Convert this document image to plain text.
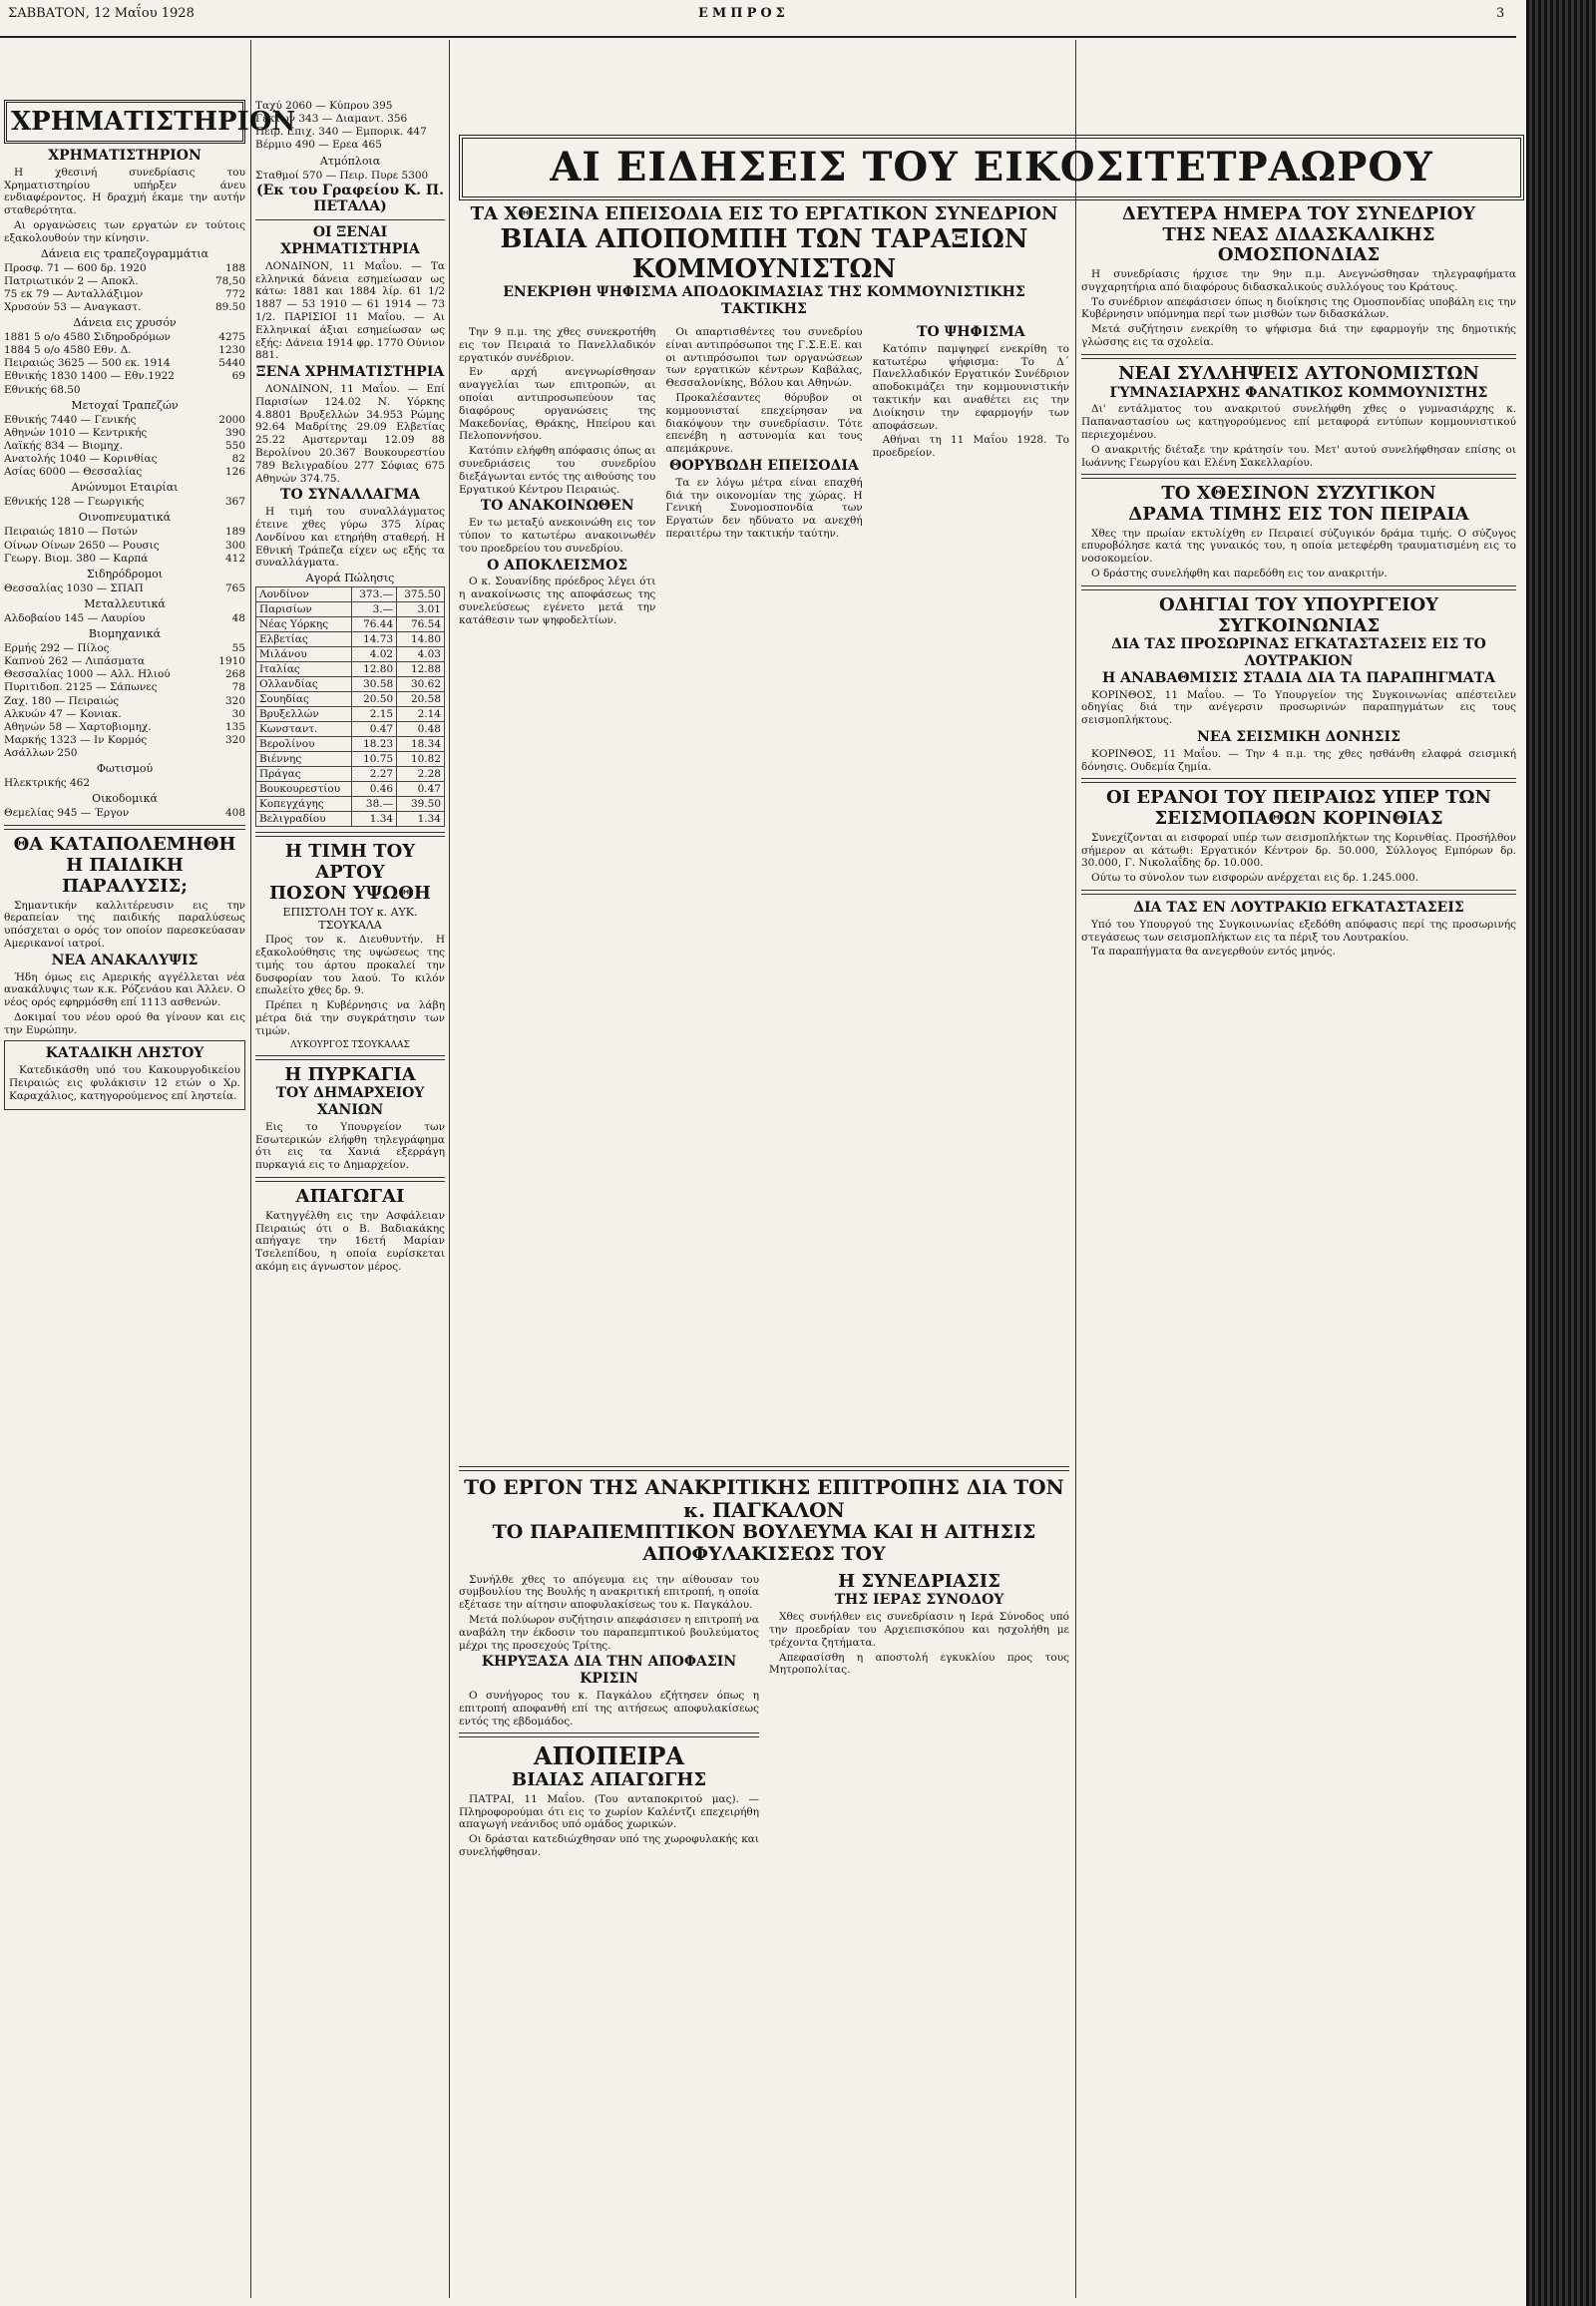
ΣΑΒΒΑΤΟΝ, 12 Μαΐου 1928	ΕΜΠΡΟΣ	3
ΧΡΗΜΑΤΙΣΤΗΡΙΟΝ
ΧΡΗΜΑΤΙΣΤΗΡΙΟΝ

Η χθεσινή συνεδρίασις του Χρηματιστηρίου υπήρξεν άνευ ενδιαφέροντος. Η δραχμή έκαμε την αυτήν σταθερότητα.

Αι οργανώσεις των εργατών εν τούτοις εξακολουθούν την κίνησιν.

Δάνεια εις τραπεζογραμμάτια
Προσφ. 71 — 600 δρ. 1920	188
Πατριωτικόν 2 — Αποκλ.	78,50
75 εκ 79 — Ανταλλάξιμον	772
Χρυσούν 53 — Αναγκαστ.	89.50
Δάνεια εις χρυσόν
1881 5 ο/ο 4580 Σιδηροδρόμων	4275
1884 5 ο/ο 4580 Εθν. Δ.	1230
Πειραιώς 3625 — 500 εκ. 1914	5440
Εθνικής 1830 1400 — Εθν.1922	69
Εθνικής 68.50
Μετοχαί Τραπεζών
Εθνικής 7440 — Γενικής	2000
Αθηνών 1010 — Κεντρικής	390
Λαϊκής 834 — Βιομηχ.	550
Ανατολής 1040 — Κορινθίας	82
Ασίας 6000 — Θεσσαλίας	126
Ανώνυμοι Εταιρίαι
Εθνικής 128 — Γεωργικής	367
Οινοπνευματικά
Πειραιώς 1810 — Ποτών	189
Οίνων Οίνων 2650 — Ρουσις	300
Γεωργ. Βιομ. 380 — Καρπά	412
Σιδηρόδρομοι
Θεσσαλίας 1030 — ΣΠΑΠ	765
Μεταλλευτικά
Αλδοβαίου 145 — Λαυρίου	48
Βιομηχανικά
Ερμής 292 — Πίλος	55
Καπνού 262 — Λιπάσματα	1910
Θεσσαλίας 1000 — Αλλ. Ηλιού	268
Πυριτιδοπ. 2125 — Σάπωνες	78
Ζαχ. 180 — Πειραιώς	320
Αλκυών 47 — Κονιακ.	30
Αθηνών 58 — Χαρτοβιομηχ.	135
Μαρκής 1323 — Ιν Κορμός	320
Ασάλλων 250
Φωτισμού
Ηλεκτρικής 462
Οικοδομικά
Θεμελίας 945 — Έργον	408
ΘΑ ΚΑΤΑΠΟΛΕΜΗΘΗ
Η ΠΑΙΔΙΚΗ ΠΑΡΑΛΥΣΙΣ;

Σημαντικήν καλλιτέρευσιν εις την θεραπείαν της παιδικής παραλύσεως υπόσχεται ο ορός τον οποίον παρεσκεύασαν Αμερικανοί ιατροί.

ΝΕΑ ΑΝΑΚΑΛΥΨΙΣ

Ήδη όμως εις Αμερικής αγγέλλεται νέα ανακάλυψις των κ.κ. Ρόζενάου και Άλλεν. Ο νέος ορός εφηρμόσθη επί 1113 ασθενών.

Δοκιμαί του νέου ορού θα γίνουν και εις την Ευρώπην.

ΚΑΤΑΔΙΚΗ ΛΗΣΤΟΥ

Κατεδικάσθη υπό του Κακουργοδικείου Πειραιώς εις φυλάκισιν 12 ετών ο Χρ. Καραχάλιος, κατηγορούμενος επί ληστεία.

Ταχύ 2060 — Κύπρου 395
Γέκτων 343 — Διαμαντ. 356
Πειρ. Επιχ. 340 — Εμπορικ. 447
Βέρμιο 490 — Ερεα 465
Ατμόπλοια
Σταθμοί 570 — Πειρ. Πυρε 5300
(Εκ του Γραφείου Κ. Π. ΠΕΤΑΛΑ)
ΟΙ ΞΕΝΑΙ ΧΡΗΜΑΤΙΣΤΗΡΙΑ

ΛΟΝΔΙΝΟΝ, 11 Μαΐου. — Τα ελληνικά δάνεια εσημείωσαν ως κάτω: 1881 και 1884 λίρ. 61 1/2 1887 — 53 1910 — 61 1914 — 73 1/2. ΠΑΡΙΣΙΟΙ 11 Μαΐου. — Αι Ελληνικαί άξιαι εσημείωσαν ως εξής: Δάνεια 1914 φρ. 1770 Ούνιον 881.

ΞΕΝΑ ΧΡΗΜΑΤΙΣΤΗΡΙΑ

ΛΟΝΔΙΝΟΝ, 11 Μαΐου. — Επί Παρισίων 124.02 Ν. Υόρκης 4.8801 Βρυξελλών 34.953 Ρώμης 92.64 Μαδρίτης 29.09 Ελβετίας 25.22 Αμστερνταμ 12.09 88 Βερολίνου 20.367 Βουκουρεστίου 789 Βελιγραδίου 277 Σόφιας 675 Αθηνών 374.75.

ΤΟ ΣΥΝΑΛΛΑΓΜΑ

Η τιμή του συναλλάγματος έτεινε χθες γύρω 375 λίρας Λονδίνου και ετηρήθη σταθερή. Η Εθνική Τράπεζα είχεν ως εξής τα συναλλάγματα.

Αγορά Πώλησις
Λονδίνον	373.—	375.50
Παρισίων	3.—	3.01
Νέας Υόρκης	76.44	76.54
Ελβετίας	14.73	14.80
Μιλάνου	4.02	4.03
Ιταλίας	12.80	12.88
Ολλανδίας	30.58	30.62
Σουηδίας	20.50	20.58
Βρυξελλών	2.15	2.14
Κωνσταντ.	0.47	0.48
Βερολίνου	18.23	18.34
Βιέννης	10.75	10.82
Πράγας	2.27	2.28
Βουκουρεστίου	0.46	0.47
Κοπεγχάγης	38.—	39.50
Βελιγραδίου	1.34	1.34
Η ΤΙΜΗ ΤΟΥ ΑΡΤΟΥ
ΠΟΣΟΝ ΥΨΩΘΗ
ΕΠΙΣΤΟΛΗ ΤΟΥ κ. ΑΥΚ. ΤΣΟΥΚΑΛΑ

Προς τον κ. Διευθυντήν. Η εξακολούθησις της υψώσεως της τιμής του άρτου προκαλεί την δυσφορίαν του λαού. Το κιλόν επωλείτο χθες δρ. 9.

Πρέπει η Κυβέρνησις να λάβη μέτρα διά την συγκράτησιν των τιμών.

ΛΥΚΟΥΡΓΟΣ ΤΣΟΥΚΑΛΑΣ
Η ΠΥΡΚΑΓΙΑ
ΤΟΥ ΔΗΜΑΡΧΕΙΟΥ ΧΑΝΙΩΝ

Εις το Υπουργείον των Εσωτερικών ελήφθη τηλεγράφημα ότι εις τα Χανιά εξερράγη πυρκαγιά εις το Δημαρχείον.

ΑΠΑΓΩΓΑΙ

Κατηγγέλθη εις την Ασφάλειαν Πειραιώς ότι ο Β. Βαδιακάκης απήγαγε την 16ετή Μαρίαν Τσελεπίδου, η οποία ευρίσκεται ακόμη εις άγνωστον μέρος.

ΑΙ ΕΙΔΗΣΕΙΣ ΤΟΥ ΕΙΚΟΣΙΤΕΤΡΑΩΡΟΥ
ΤΑ ΧΘΕΣΙΝΑ ΕΠΕΙΣΟΔΙΑ ΕΙΣ ΤΟ ΕΡΓΑΤΙΚΟΝ ΣΥΝΕΔΡΙΟΝ
ΒΙΑΙΑ ΑΠΟΠΟΜΠΗ ΤΩΝ ΤΑΡΑΞΙΩΝ ΚΟΜΜΟΥΝΙΣΤΩΝ
ΕΝΕΚΡΙΘΗ ΨΗΦΙΣΜΑ ΑΠΟΔΟΚΙΜΑΣΙΑΣ ΤΗΣ ΚΟΜΜΟΥΝΙΣΤΙΚΗΣ ΤΑΚΤΙΚΗΣ

Την 9 π.μ. της χθες συνεκροτήθη εις τον Πειραιά το Πανελλαδικόν εργατικόν συνέδριον.

Εν αρχή ανεγνωρίσθησαν αναγγελίαι των επιτροπών, αι οποίαι αντιπροσωπεύουν τας διαφόρους οργανώσεις της Μακεδονίας, Θράκης, Ηπείρου και Πελοποννήσου.

Κατόπιν ελήφθη απόφασις όπως αι συνεδριάσεις του συνεδρίου διεξάγωνται εντός της αιθούσης του Εργατικού Κέντρου Πειραιώς.

ΤΟ ΑΝΑΚΟΙΝΩΘΕΝ

Εν τω μεταξύ ανεκοινώθη εις τον τύπον το κατωτέρω ανακοινωθέν του προεδρείου του συνεδρίου.

Ο ΑΠΟΚΛΕΙΣΜΟΣ

Ο κ. Σουανίδης πρόεδρος λέγει ότι η ανακοίνωσις της αποφάσεως της συνελεύσεως εγένετο μετά την κατάθεσιν των ψηφοδελτίων.

Οι απαρτισθέντες του συνεδρίου είναι αντιπρόσωποι της Γ.Σ.Ε.Ε. και οι αντιπρόσωποι των οργανώσεων των εργατικών κέντρων Καβάλας, Θεσσαλονίκης, Βόλου και Αθηνών.

Προκαλέσαντες θόρυβον οι κομμουνισταί επεχείρησαν να διακόψουν την συνεδρίασιν. Τότε επενέβη η αστυνομία και τους απεμάκρυνε.

ΘΟΡΥΒΩΔΗ ΕΠΕΙΣΟΔΙΑ

Τα εν λόγω μέτρα είναι επαχθή διά την οικονομίαν της χώρας. Η Γενική Συνομοσπονδία των Εργατών δεν ηδύνατο να ανεχθή περαιτέρω την τακτικήν ταύτην.

ΤΟ ΨΗΦΙΣΜΑ

Κατόπιν παμψηφεί ενεκρίθη το κατωτέρω ψήφισμα: Το Δ΄ Πανελλαδικόν Εργατικόν Συνέδριον αποδοκιμάζει την κομμουνιστικήν τακτικήν και αναθέτει εις την Διοίκησιν την εφαρμογήν των αποφάσεων.

Αθήναι τη 11 Μαΐου 1928. Το προεδρείον.

ΤΟ ΕΡΓΟΝ ΤΗΣ ΑΝΑΚΡΙΤΙΚΗΣ ΕΠΙΤΡΟΠΗΣ ΔΙΑ ΤΟΝ κ. ΠΑΓΚΑΛΟΝ
ΤΟ ΠΑΡΑΠΕΜΠΤΙΚΟΝ ΒΟΥΛΕΥΜΑ ΚΑΙ Η ΑΙΤΗΣΙΣ ΑΠΟΦΥΛΑΚΙΣΕΩΣ ΤΟΥ

Συνήλθε χθες το απόγευμα εις την αίθουσαν του συμβουλίου της Βουλής η ανακριτική επιτροπή, η οποία εξέτασε την αίτησιν αποφυλακίσεως του κ. Παγκάλου.

Μετά πολύωρον συζήτησιν απεφάσισεν η επιτροπή να αναβάλη την έκδοσιν του παραπεμπτικού βουλεύματος μέχρι της προσεχούς Τρίτης.

ΚΗΡΥΞΑΣΑ ΔΙΑ ΤΗΝ ΑΠΟΦΑΣΙΝ ΚΡΙΣΙΝ

Ο συνήγορος του κ. Παγκάλου εζήτησεν όπως η επιτροπή αποφανθή επί της αιτήσεως αποφυλακίσεως εντός της εβδομάδος.

ΑΠΟΠΕΙΡΑ
ΒΙΑΙΑΣ ΑΠΑΓΩΓΗΣ

ΠΑΤΡΑΙ, 11 Μαΐου. (Του ανταποκριτού μας). — Πληροφορούμαι ότι εις το χωρίον Καλέντζι επεχειρήθη απαγωγή νεάνιδος υπό ομάδος χωρικών.

Οι δράσται κατεδιώχθησαν υπό της χωροφυλακής και συνελήφθησαν.

Η ΣΥΝΕΔΡΙΑΣΙΣ
ΤΗΣ ΙΕΡΑΣ ΣΥΝΟΔΟΥ

Χθες συνήλθεν εις συνεδρίασιν η Ιερά Σύνοδος υπό την προεδρίαν του Αρχιεπισκόπου και ησχολήθη με τρέχοντα ζητήματα.

Απεφασίσθη η αποστολή εγκυκλίου προς τους Μητροπολίτας.

ΔΕΥΤΕΡΑ ΗΜΕΡΑ ΤΟΥ ΣΥΝΕΔΡΙΟΥ
ΤΗΣ ΝΕΑΣ ΔΙΔΑΣΚΑΛΙΚΗΣ ΟΜΟΣΠΟΝΔΙΑΣ

Η συνεδρίασις ήρχισε την 9ην π.μ. Ανεγνώσθησαν τηλεγραφήματα συγχαρητήρια από διαφόρους διδασκαλικούς συλλόγους του Κράτους.

Το συνέδριον απεφάσισεν όπως η διοίκησις της Ομοσπονδίας υποβάλη εις την Κυβέρνησιν υπόμνημα περί των μισθών των διδασκάλων.

Μετά συζήτησιν ενεκρίθη το ψήφισμα διά την εφαρμογήν της δημοτικής γλώσσης εις τα σχολεία.

ΝΕΑΙ ΣΥΛΛΗΨΕΙΣ ΑΥΤΟΝΟΜΙΣΤΩΝ
ΓΥΜΝΑΣΙΑΡΧΗΣ ΦΑΝΑΤΙΚΟΣ ΚΟΜΜΟΥΝΙΣΤΗΣ

Δι' εντάλματος του ανακριτού συνελήφθη χθες ο γυμνασιάρχης κ. Παπαναστασίου ως κατηγορούμενος επί μεταφορά εντύπων κομμουνιστικού περιεχομένου.

Ο ανακριτής διέταξε την κράτησίν του. Μετ' αυτού συνελήφθησαν επίσης οι Ιωάννης Γεωργίου και Ελένη Σακελλαρίου.

ΤΟ ΧΘΕΣΙΝΟΝ ΣΥΖΥΓΙΚΟΝ
ΔΡΑΜΑ ΤΙΜΗΣ ΕΙΣ ΤΟΝ ΠΕΙΡΑΙΑ

Χθες την πρωίαν εκτυλίχθη εν Πειραιεί σύζυγικόν δράμα τιμής. Ο σύζυγος επυροβόλησε κατά της γυναικός του, η οποία μετεφέρθη τραυματισμένη εις το νοσοκομείον.

Ο δράστης συνελήφθη και παρεδόθη εις τον ανακριτήν.

ΟΔΗΓΙΑΙ ΤΟΥ ΥΠΟΥΡΓΕΙΟΥ ΣΥΓΚΟΙΝΩΝΙΑΣ
ΔΙΑ ΤΑΣ ΠΡΟΣΩΡΙΝΑΣ ΕΓΚΑΤΑΣΤΑΣΕΙΣ ΕΙΣ ΤΟ ΛΟΥΤΡΑΚΙΟΝ
Η ΑΝΑΒΑΘΜΙΣΙΣ ΣΤΑΔΙΑ ΔΙΑ ΤΑ ΠΑΡΑΠΗΓΜΑΤΑ

ΚΟΡΙΝΘΟΣ, 11 Μαΐου. — Το Υπουργείον της Συγκοινωνίας απέστειλεν οδηγίας διά την ανέγερσιν προσωρινών παραπηγμάτων εις τους σεισμοπλήκτους.

ΝΕΑ ΣΕΙΣΜΙΚΗ ΔΟΝΗΣΙΣ

ΚΟΡΙΝΘΟΣ, 11 Μαΐου. — Την 4 π.μ. της χθες ησθάνθη ελαφρά σεισμική δόνησις. Ουδεμία ζημία.

ΟΙ ΕΡΑΝΟΙ ΤΟΥ ΠΕΙΡΑΙΩΣ ΥΠΕΡ ΤΩΝ ΣΕΙΣΜΟΠΑΘΩΝ ΚΟΡΙΝΘΙΑΣ

Συνεχίζονται αι εισφοραί υπέρ των σεισμοπλήκτων της Κορινθίας. Προσήλθον σήμερον αι κάτωθι: Εργατικόν Κέντρον δρ. 50.000, Σύλλογος Εμπόρων δρ. 30.000, Γ. Νικολαΐδης δρ. 10.000.

Ούτω το σύνολον των εισφορών ανέρχεται εις δρ. 1.245.000.

ΔΙΑ ΤΑΣ ΕΝ ΛΟΥΤΡΑΚΙΩ ΕΓΚΑΤΑΣΤΑΣΕΙΣ

Υπό του Υπουργού της Συγκοινωνίας εξεδόθη απόφασις περί της προσωρινής στεγάσεως των σεισμοπλήκτων εις τα πέριξ του Λουτρακίου.

Τα παραπήγματα θα ανεγερθούν εντός μηνός.
